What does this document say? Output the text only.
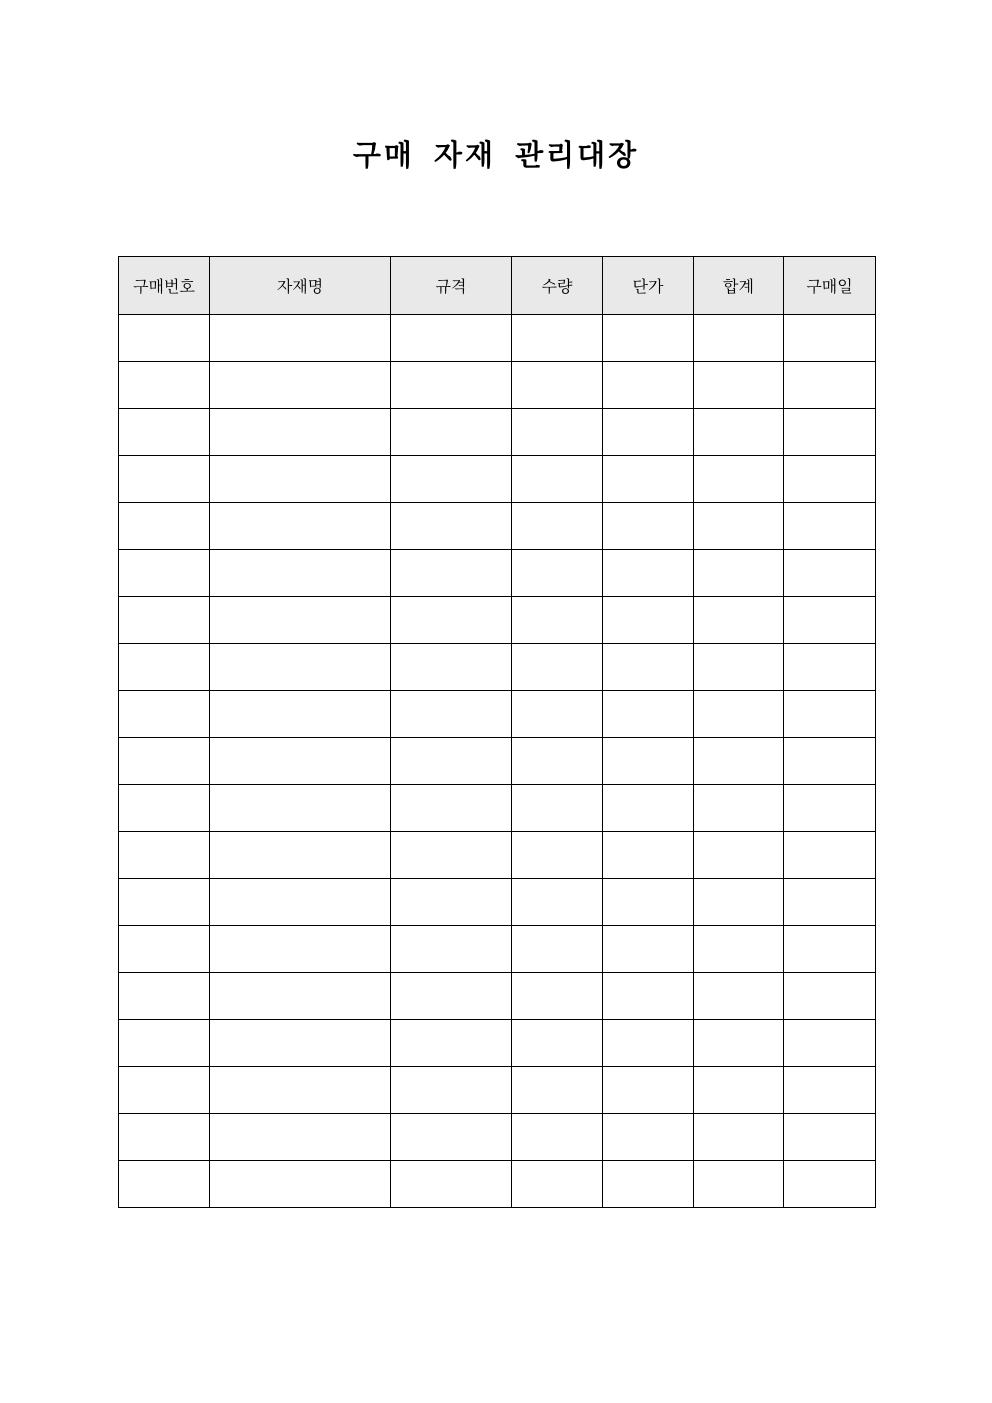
구매 자재 관리대장
구매번호	자재명	규격	수량	단가	합계	구매일
